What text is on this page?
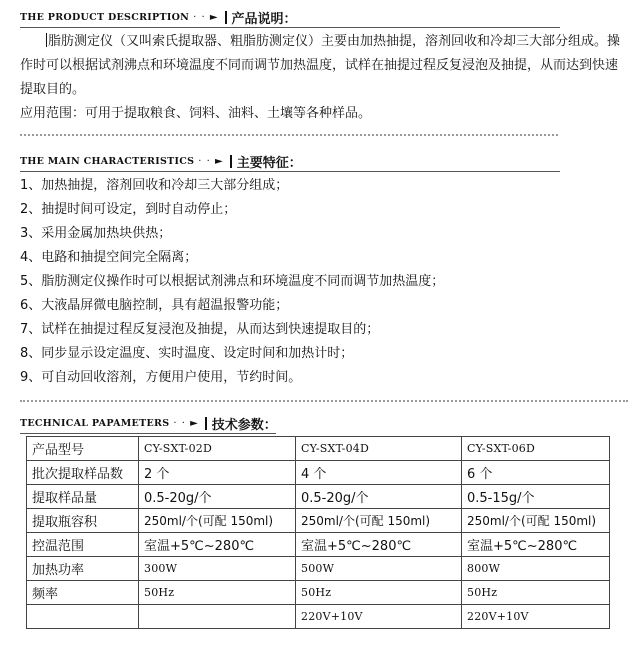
THE PRODUCT DESCRIPTION · · ► 产品说明：
脂肪测定仪（又叫索氏提取器、粗脂肪测定仪）主要由加热抽提，溶剂回收和冷却三大部分组成。操作时可以根据试剂沸点和环境温度不同而调节加热温度，试样在抽提过程反复浸泡及抽提，从而达到快速提取目的。
应用范围：可用于提取粮食、饲料、油料、土壤等各种样品。
THE MAIN CHARACTERISTICS · · ► 主要特征：
1、加热抽提，溶剂回收和冷却三大部分组成；
2、抽提时间可设定，到时自动停止；
3、采用金属加热块供热；
4、电路和抽提空间完全隔离；
5、脂肪测定仪操作时可以根据试剂沸点和环境温度不同而调节加热温度；
6、大液晶屏微电脑控制，具有超温报警功能；
7、试样在抽提过程反复浸泡及抽提，从而达到快速提取目的；
8、同步显示设定温度、实时温度、设定时间和加热计时；
9、可自动回收溶剂，方便用户使用，节约时间。
TECHNICAL PAPAMETERS · · ► 技术参数：
产品型号	CY-SXT-02D	CY-SXT-04D	CY-SXT-06D
批次提取样品数	2 个	4 个	6 个
提取样品量	0.5-20g/个	0.5-20g/个	0.5-15g/个
提取瓶容积	250ml/个(可配 150ml)	250ml/个(可配 150ml)	250ml/个(可配 150ml)
控温范围	室温+5℃~280℃	室温+5℃~280℃	室温+5℃~280℃
加热功率	300W	500W	800W
频率	50Hz	50Hz	50Hz
		220V+10V	220V+10V
